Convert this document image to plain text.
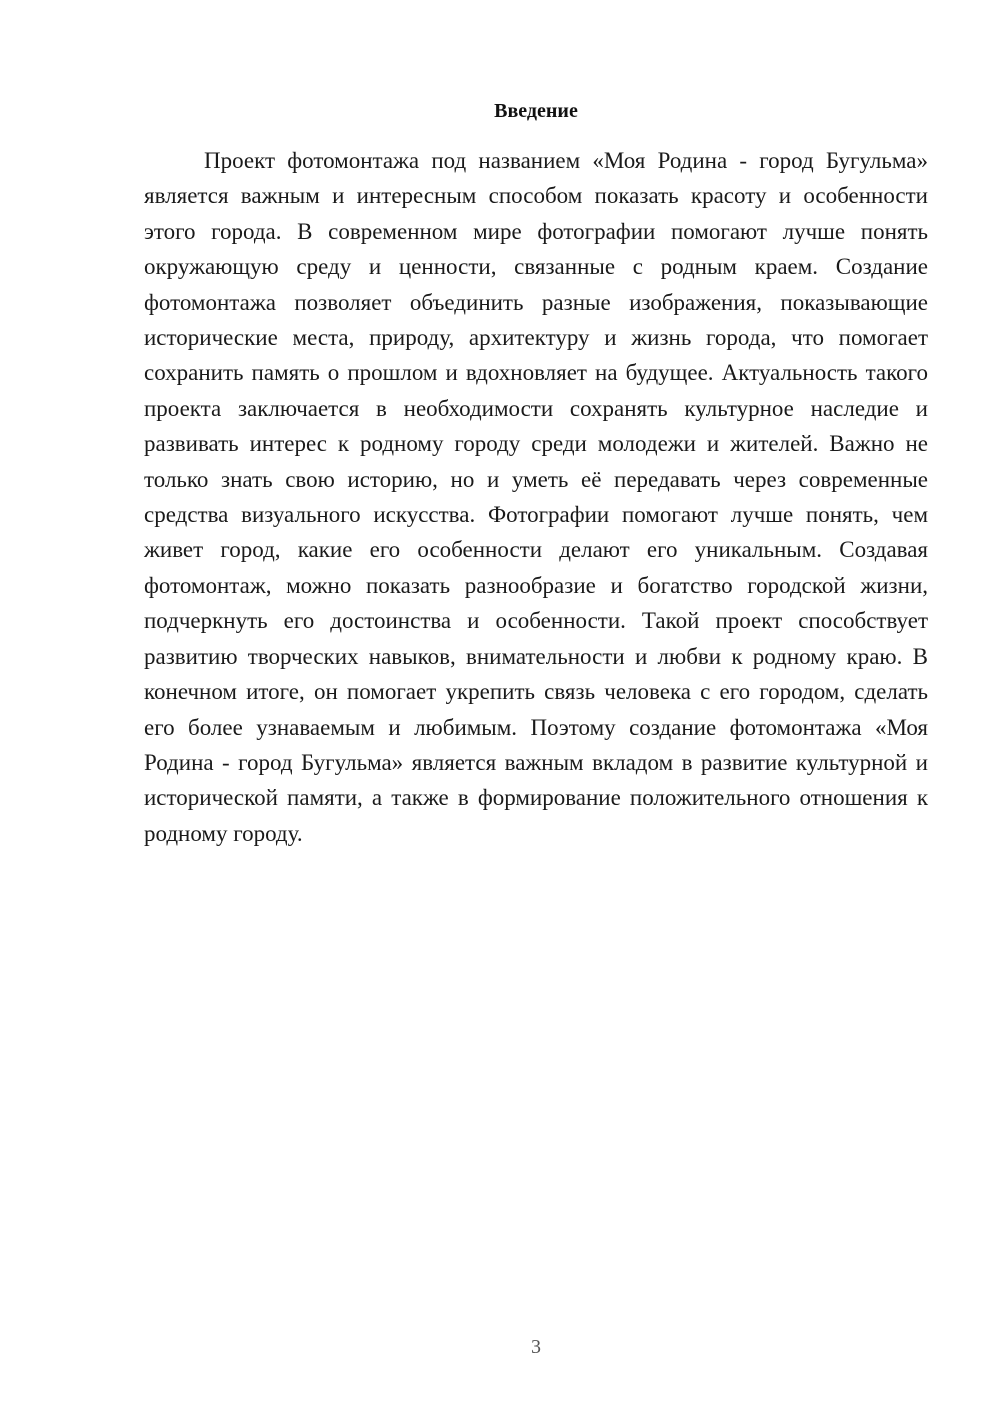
Введение

Проект фотомонтажа под названием «Моя Родина - город Бугульма» является важным и интересным способом показать красоту и особенности этого города. В современном мире фотографии помогают лучше понять окружающую среду и ценности, связанные с родным краем. Создание фотомонтажа позволяет объединить разные изображения, показывающие исторические места, природу, архитектуру и жизнь города, что помогает сохранить память о прошлом и вдохновляет на будущее. Актуальность такого проекта заключается в необходимости сохранять культурное наследие и развивать интерес к родному городу среди молодежи и жителей. Важно не только знать свою историю, но и уметь её передавать через современные средства визуального искусства. Фотографии помогают лучше понять, чем живет город, какие его особенности делают его уникальным. Создавая фотомонтаж, можно показать разнообразие и богатство городской жизни, подчеркнуть его достоинства и особенности. Такой проект способствует развитию творческих навыков, внимательности и любви к родному краю. В конечном итоге, он помогает укрепить связь человека с его городом, сделать его более узнаваемым и любимым. Поэтому создание фотомонтажа «Моя Родина - город Бугульма» является важным вкладом в развитие культурной и исторической памяти, а также в формирование положительного отношения к родному городу.

3
